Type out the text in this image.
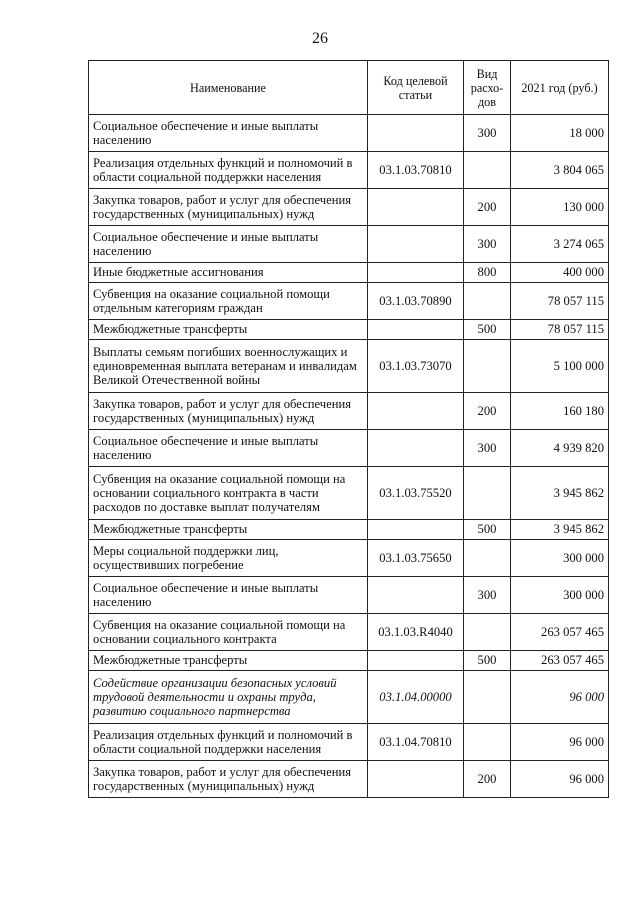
26
Наименование	Код целевой статьи	Вид расхо-дов	2021 год (руб.)
Социальное обеспечение и иные выплаты населению		300	18 000
Реализация отдельных функций и полномочий в области социальной поддержки населения	03.1.03.70810		3 804 065
Закупка товаров, работ и услуг для обеспечения государственных (муниципальных) нужд		200	130 000
Социальное обеспечение и иные выплаты населению		300	3 274 065
Иные бюджетные ассигнования		800	400 000
Субвенция на оказание социальной помощи отдельным категориям граждан	03.1.03.70890		78 057 115
Межбюджетные трансферты		500	78 057 115
Выплаты семьям погибших военнослужащих и единовременная выплата ветеранам и инвалидам Великой Отечественной войны	03.1.03.73070		5 100 000
Закупка товаров, работ и услуг для обеспечения государственных (муниципальных) нужд		200	160 180
Социальное обеспечение и иные выплаты населению		300	4 939 820
Субвенция на оказание социальной помощи на основании социального контракта в части расходов по доставке выплат получателям	03.1.03.75520		3 945 862
Межбюджетные трансферты		500	3 945 862
Меры социальной поддержки лиц, осуществивших погребение	03.1.03.75650		300 000
Социальное обеспечение и иные выплаты населению		300	300 000
Субвенция на оказание социальной помощи на основании социального контракта	03.1.03.R4040		263 057 465
Межбюджетные трансферты		500	263 057 465
Содействие организации безопасных условий трудовой деятельности и охраны труда, развитию социального партнерства	03.1.04.00000		96 000
Реализация отдельных функций и полномочий в области социальной поддержки населения	03.1.04.70810		96 000
Закупка товаров, работ и услуг для обеспечения государственных (муниципальных) нужд		200	96 000
